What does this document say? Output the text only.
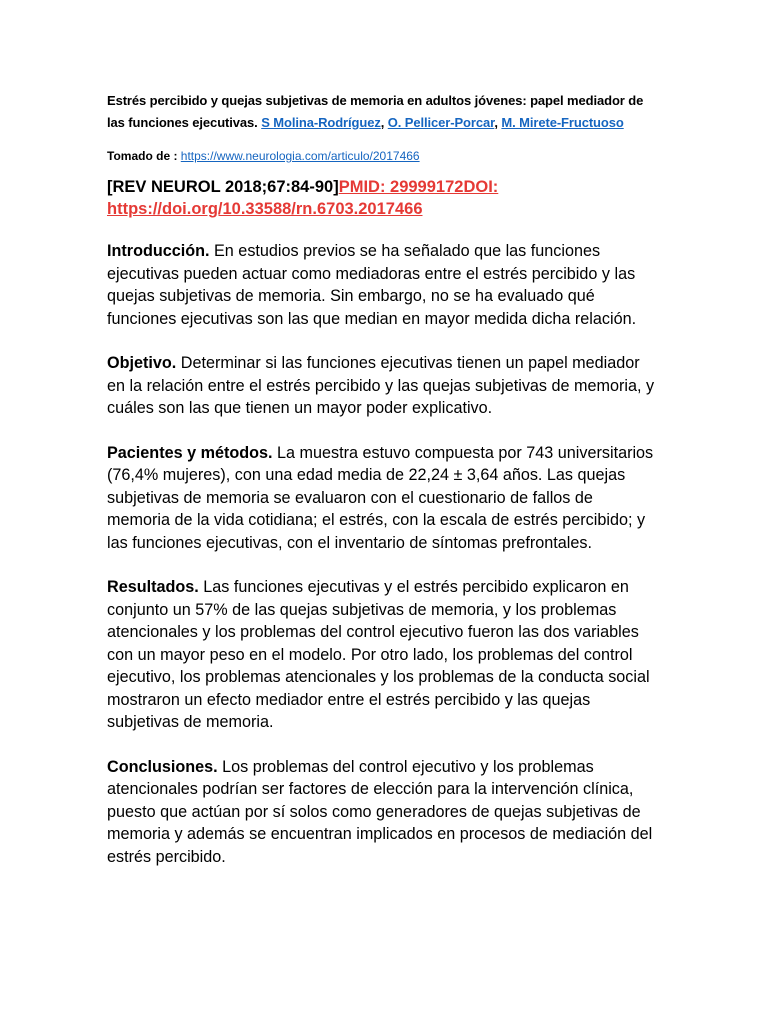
Estrés percibido y quejas subjetivas de memoria en adultos jóvenes: papel mediador de las funciones ejecutivas. S Molina-Rodríguez, O. Pellicer-Porcar, M. Mirete-Fructuoso
Tomado de : https://www.neurologia.com/articulo/2017466
[REV NEUROL 2018;67:84-90]PMID: 29999172DOI: https://doi.org/10.33588/rn.6703.2017466

Introducción. En estudios previos se ha señalado que las funciones ejecutivas pueden actuar como mediadoras entre el estrés percibido y las quejas subjetivas de memoria. Sin embargo, no se ha evaluado qué funciones ejecutivas son las que median en mayor medida dicha relación.

Objetivo. Determinar si las funciones ejecutivas tienen un papel mediador en la relación entre el estrés percibido y las quejas subjetivas de memoria, y cuáles son las que tienen un mayor poder explicativo.

Pacientes y métodos. La muestra estuvo compuesta por 743 universitarios (76,4% mujeres), con una edad media de 22,24 ± 3,64 años. Las quejas subjetivas de memoria se evaluaron con el cuestionario de fallos de memoria de la vida cotidiana; el estrés, con la escala de estrés percibido; y las funciones ejecutivas, con el inventario de síntomas prefrontales.

Resultados. Las funciones ejecutivas y el estrés percibido explicaron en conjunto un 57% de las quejas subjetivas de memoria, y los problemas atencionales y los problemas del control ejecutivo fueron las dos variables con un mayor peso en el modelo. Por otro lado, los problemas del control ejecutivo, los problemas atencionales y los problemas de la conducta social mostraron un efecto mediador entre el estrés percibido y las quejas subjetivas de memoria.

Conclusiones. Los problemas del control ejecutivo y los problemas atencionales podrían ser factores de elección para la intervención clínica, puesto que actúan por sí solos como generadores de quejas subjetivas de memoria y además se encuentran implicados en procesos de mediación del estrés percibido.
